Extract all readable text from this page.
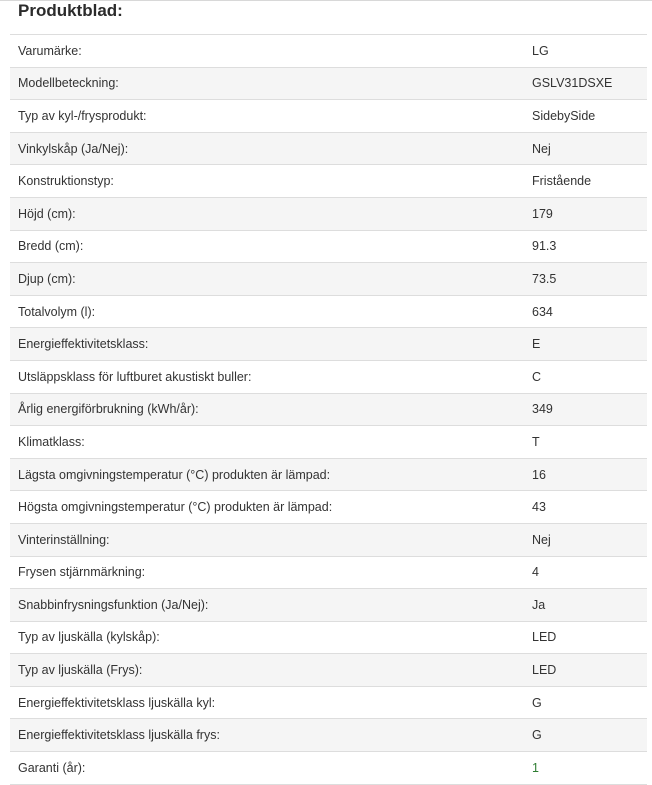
Produktblad:
Varumärke:	LG
Modellbeteckning:	GSLV31DSXE
Typ av kyl-/frysprodukt:	SidebySide
Vinkylskåp (Ja/Nej):	Nej
Konstruktionstyp:	Fristående
Höjd (cm):	179
Bredd (cm):	91.3
Djup (cm):	73.5
Totalvolym (l):	634
Energieffektivitetsklass:	E
Utsläppsklass för luftburet akustiskt buller:	C
Årlig energiförbrukning (kWh/år):	349
Klimatklass:	T
Lägsta omgivningstemperatur (°C) produkten är lämpad:	16
Högsta omgivningstemperatur (°C) produkten är lämpad:	43
Vinterinställning:	Nej
Frysen stjärnmärkning:	4
Snabbinfrysningsfunktion (Ja/Nej):	Ja
Typ av ljuskälla (kylskåp):	LED
Typ av ljuskälla (Frys):	LED
Energieffektivitetsklass ljuskälla kyl:	G
Energieffektivitetsklass ljuskälla frys:	G
Garanti (år):	1
